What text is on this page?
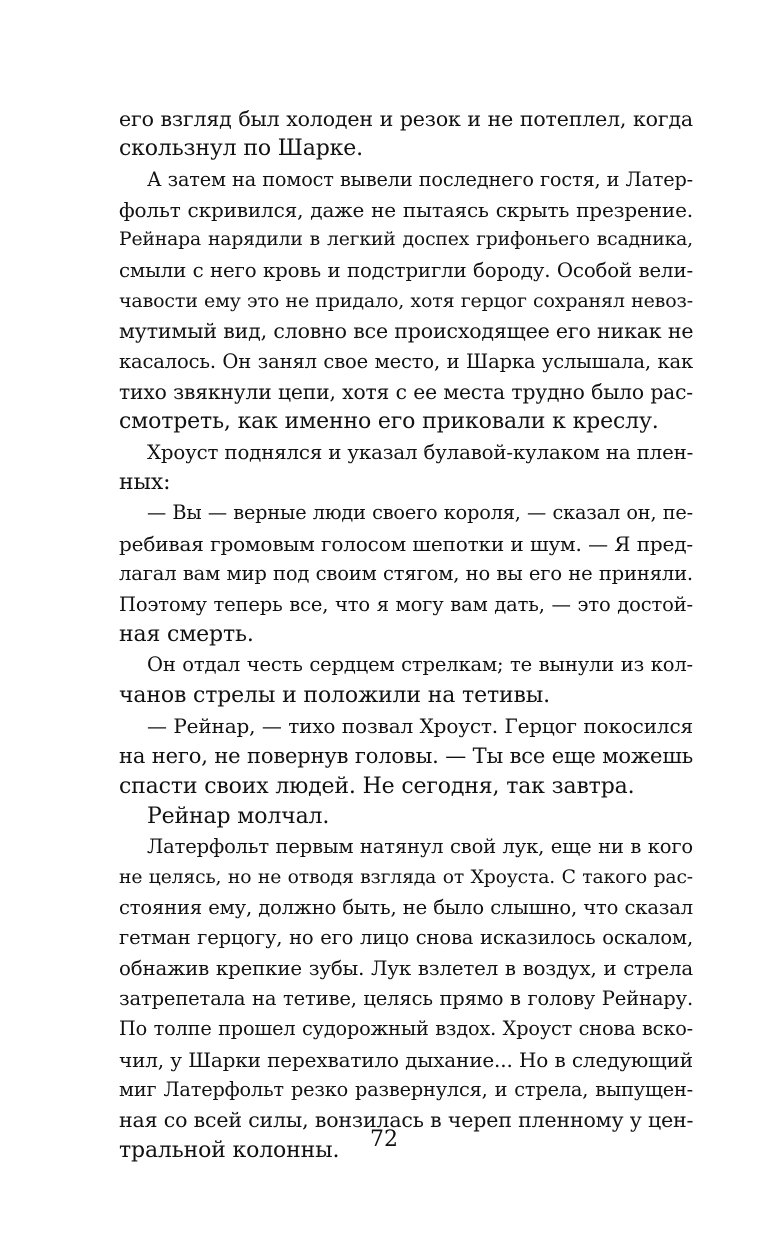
его взгляд был холоден и резок и не потеплел, когда
скользнул по Шарке.
А затем на помост вывели последнего гостя, и Латер-
фольт скривился, даже не пытаясь скрыть презрение.
Рейнара нарядили в легкий доспех грифоньего всадника,
смыли с него кровь и подстригли бороду. Особой вели-
чавости ему это не придало, хотя герцог сохранял невоз-
мутимый вид, словно все происходящее его никак не
касалось. Он занял свое место, и Шарка услышала, как
тихо звякнули цепи, хотя с ее места трудно было рас-
смотреть, как именно его приковали к креслу.
Хроуст поднялся и указал булавой-кулаком на плен-
ных:
— Вы — верные люди своего короля, — сказал он, пе-
ребивая громовым голосом шепотки и шум. — Я пред-
лагал вам мир под своим стягом, но вы его не приняли.
Поэтому теперь все, что я могу вам дать, — это достой-
ная смерть.
Он отдал честь сердцем стрелкам; те вынули из кол-
чанов стрелы и положили на тетивы.
— Рейнар, — тихо позвал Хроуст. Герцог покосился
на него, не повернув головы. — Ты все еще можешь
спасти своих людей. Не сегодня, так завтра.
Рейнар молчал.
Латерфольт первым натянул свой лук, еще ни в кого
не целясь, но не отводя взгляда от Хроуста. С такого рас-
стояния ему, должно быть, не было слышно, что сказал
гетман герцогу, но его лицо снова исказилось оскалом,
обнажив крепкие зубы. Лук взлетел в воздух, и стрела
затрепетала на тетиве, целясь прямо в голову Рейнару.
По толпе прошел судорожный вздох. Хроуст снова вско-
чил, у Шарки перехватило дыхание... Но в следующий
миг Латерфольт резко развернулся, и стрела, выпущен-
ная со всей силы, вонзилась в череп пленному у цен-
тральной колонны.	72
